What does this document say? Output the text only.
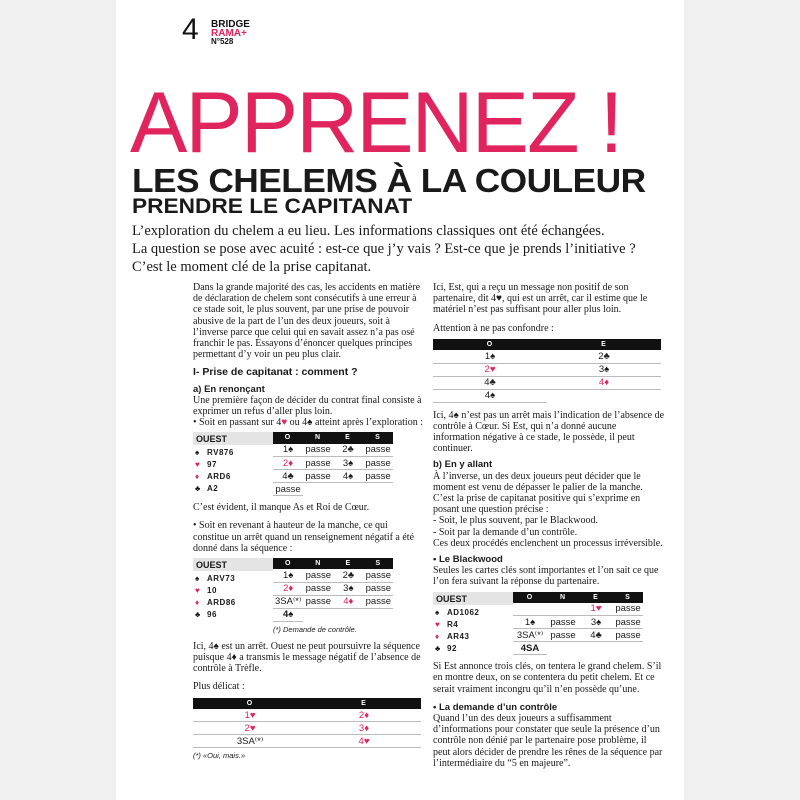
4 BRIDGE
RAMA+
N°528
APPRENEZ !
LES CHELEMS À LA COULEUR
PRENDRE LE CAPITANAT

L’exploration du chelem a eu lieu. Les informations classiques ont été échangées.

La question se pose avec acuité : est-ce que j’y vais ? Est-ce que je prends l’initiative ?

C’est le moment clé de la prise capitanat.

Dans la grande majorité des cas, les accidents en matière de déclaration de chelem sont consécutifs à une erreur à ce stade soit, le plus souvent, par une prise de pouvoir abusive de la part de l’un des deux joueurs, soit à l’inverse parce que celui qui en savait assez n’a pas osé franchir le pas. Essayons d’énoncer quelques principes permettant d’y voir un peu plus clair.

I- Prise de capitanat : comment ?

a) En renonçant

Une première façon de décider du contrat final consiste à exprimer un refus d’aller plus loin.

• Soit en passant sur 4♥ ou 4♠ atteint après l’exploration :

OUEST
♠ RV876
♥ 97
♦ ARD6
♣ A2
O	N	E	S
1♠	passe	2♣	passe
2♦	passe	3♠	passe
4♣	passe	4♠	passe
passe			

C’est évident, il manque As et Roi de Cœur.

• Soit en revenant à hauteur de la manche, ce qui constitue un arrêt quand un renseignement négatif a été donné dans la séquence :

OUEST
♠ ARV73
♥ 10
♦ ARD86
♣ 96
O	N	E	S
1♠	passe	2♣	passe
2♦	passe	3♠	passe
3SA⁽*⁾	passe	4♦	passe
4♠			
(*) Demande de contrôle.

Ici, 4♠ est un arrêt. Ouest ne peut poursuivre la séquence puisque 4♦ a transmis le message négatif de l’absence de contrôle à Trèfle.

Plus délicat :

O	E
1♥	2♦
2♥	3♦
3SA⁽*⁾	4♥
(*) «Oui, mais.»

Ici, Est, qui a reçu un message non positif de son partenaire, dit 4♥, qui est un arrêt, car il estime que le matériel n’est pas suffisant pour aller plus loin.

Attention à ne pas confondre :

O	E
1♠	2♣
2♥	3♠
4♣	4♦
4♠	

Ici, 4♠ n’est pas un arrêt mais l’indication de l’absence de contrôle à Cœur. Si Est, qui n’a donné aucune information négative à ce stade, le possède, il peut continuer.

b) En y allant

À l’inverse, un des deux joueurs peut décider que le moment est venu de dépasser le palier de la manche. C’est la prise de capitanat positive qui s’exprime en posant une question précise :

- Soit, le plus souvent, par le Blackwood.

- Soit par la demande d’un contrôle.

Ces deux procédés enclenchent un processus irréversible.

• Le Blackwood

Seules les cartes clés sont importantes et l’on sait ce que l’on fera suivant la réponse du partenaire.

OUEST
♠ AD1062
♥ R4
♦ AR43
♣ 92
O	N	E	S
		1♥	passe
1♠	passe	3♠	passe
3SA⁽*⁾	passe	4♣	passe
4SA			

Si Est annonce trois clés, on tentera le grand chelem. S’il en montre deux, on se contentera du petit chelem. Et ce serait vraiment incongru qu’il n’en possède qu’une.

• La demande d’un contrôle

Quand l’un des deux joueurs a suffisamment d’informations pour constater que seule la présence d’un contrôle non dénié par le partenaire pose problème, il peut alors décider de prendre les rênes de la séquence par l’intermédiaire du “5 en majeure”.
